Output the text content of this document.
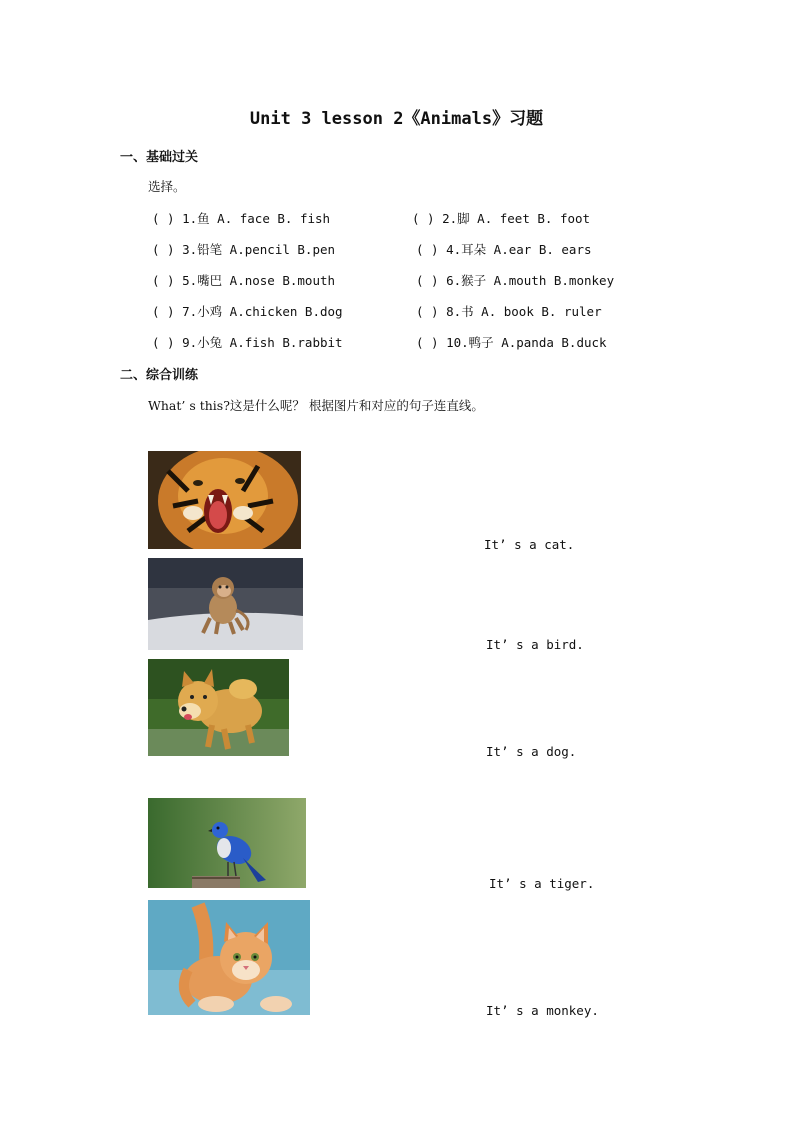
Unit 3 lesson 2《Animals》习题
一、基础过关
选择。
( ) 1.鱼 A. face B. fish	( ) 2.脚 A. feet B. foot
( ) 3.铅笔 A.pencil B.pen	( ) 4.耳朵 A.ear B. ears
( ) 5.嘴巴 A.nose B.mouth	( ) 6.猴子 A.mouth B.monkey
( ) 7.小鸡 A.chicken B.dog	( ) 8.书 A. book B. ruler
( ) 9.小兔 A.fish B.rabbit	( ) 10.鸭子 A.panda B.duck
二、综合训练
What’ s this?这是什么呢？ 根据图片和对应的句子连直线。
It’ s a cat.
It’ s a bird.
It’ s a dog.
It’ s a tiger.
It’ s a monkey.
